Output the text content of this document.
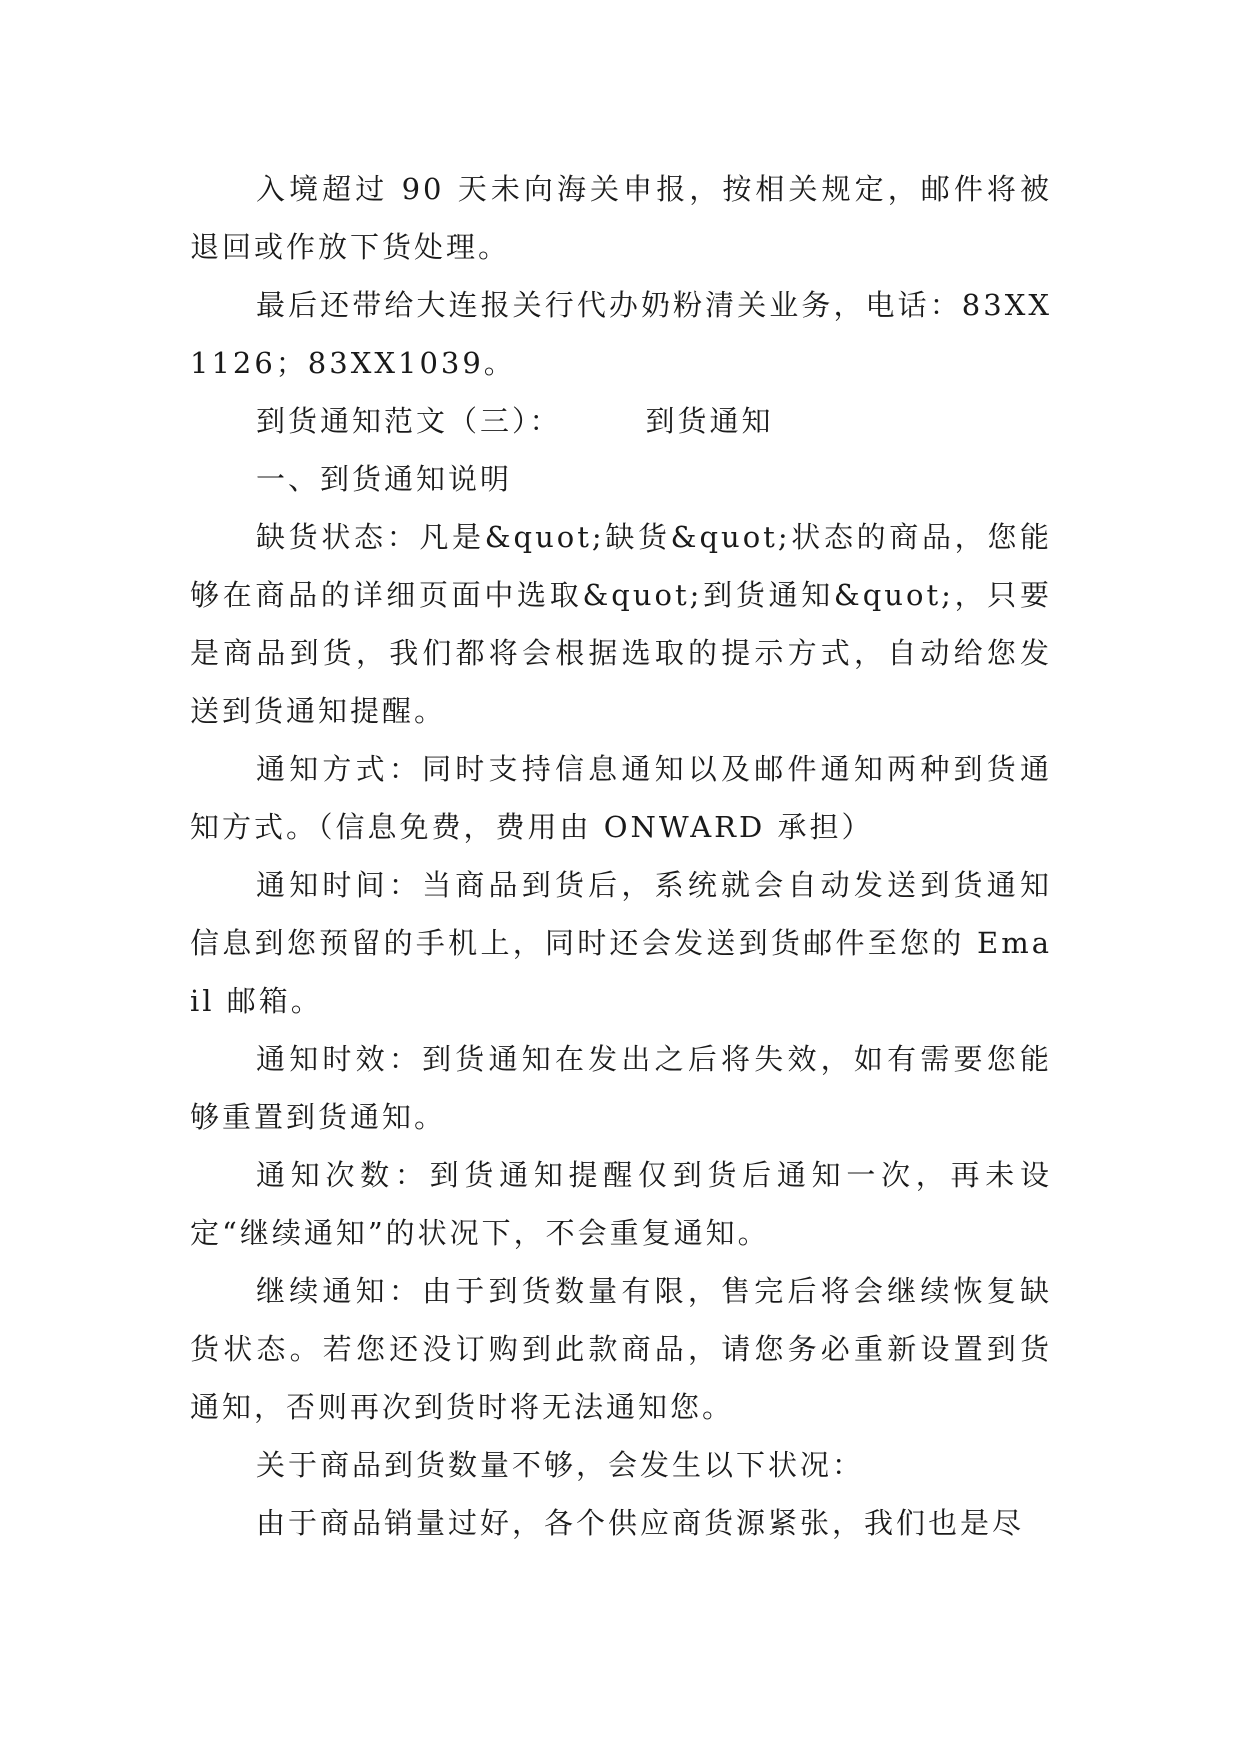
入境超过 90 天未向海关申报，按相关规定，邮件将被退回或作放下货处理。

最后还带给大连报关行代办奶粉清关业务，电话：83XX1126；83XX1039。

到货通知范文（三）：	到货通知

一、到货通知说明

缺货状态：凡是&quot;缺货&quot;状态的商品，您能够在商品的详细页面中选取&quot;到货通知&quot;，只要是商品到货，我们都将会根据选取的提示方式，自动给您发送到货通知提醒。

通知方式：同时支持信息通知以及邮件通知两种到货通知方式。（信息免费，费用由 ONWARD 承担）

通知时间：当商品到货后，系统就会自动发送到货通知信息到您预留的手机上，同时还会发送到货邮件至您的 Email 邮箱。

通知时效：到货通知在发出之后将失效，如有需要您能够重置到货通知。

通知次数：到货通知提醒仅到货后通知一次，再未设定“继续通知”的状况下，不会重复通知。

继续通知：由于到货数量有限，售完后将会继续恢复缺货状态。若您还没订购到此款商品，请您务必重新设置到货通知，否则再次到货时将无法通知您。

关于商品到货数量不够，会发生以下状况：

由于商品销量过好，各个供应商货源紧张，我们也是尽
